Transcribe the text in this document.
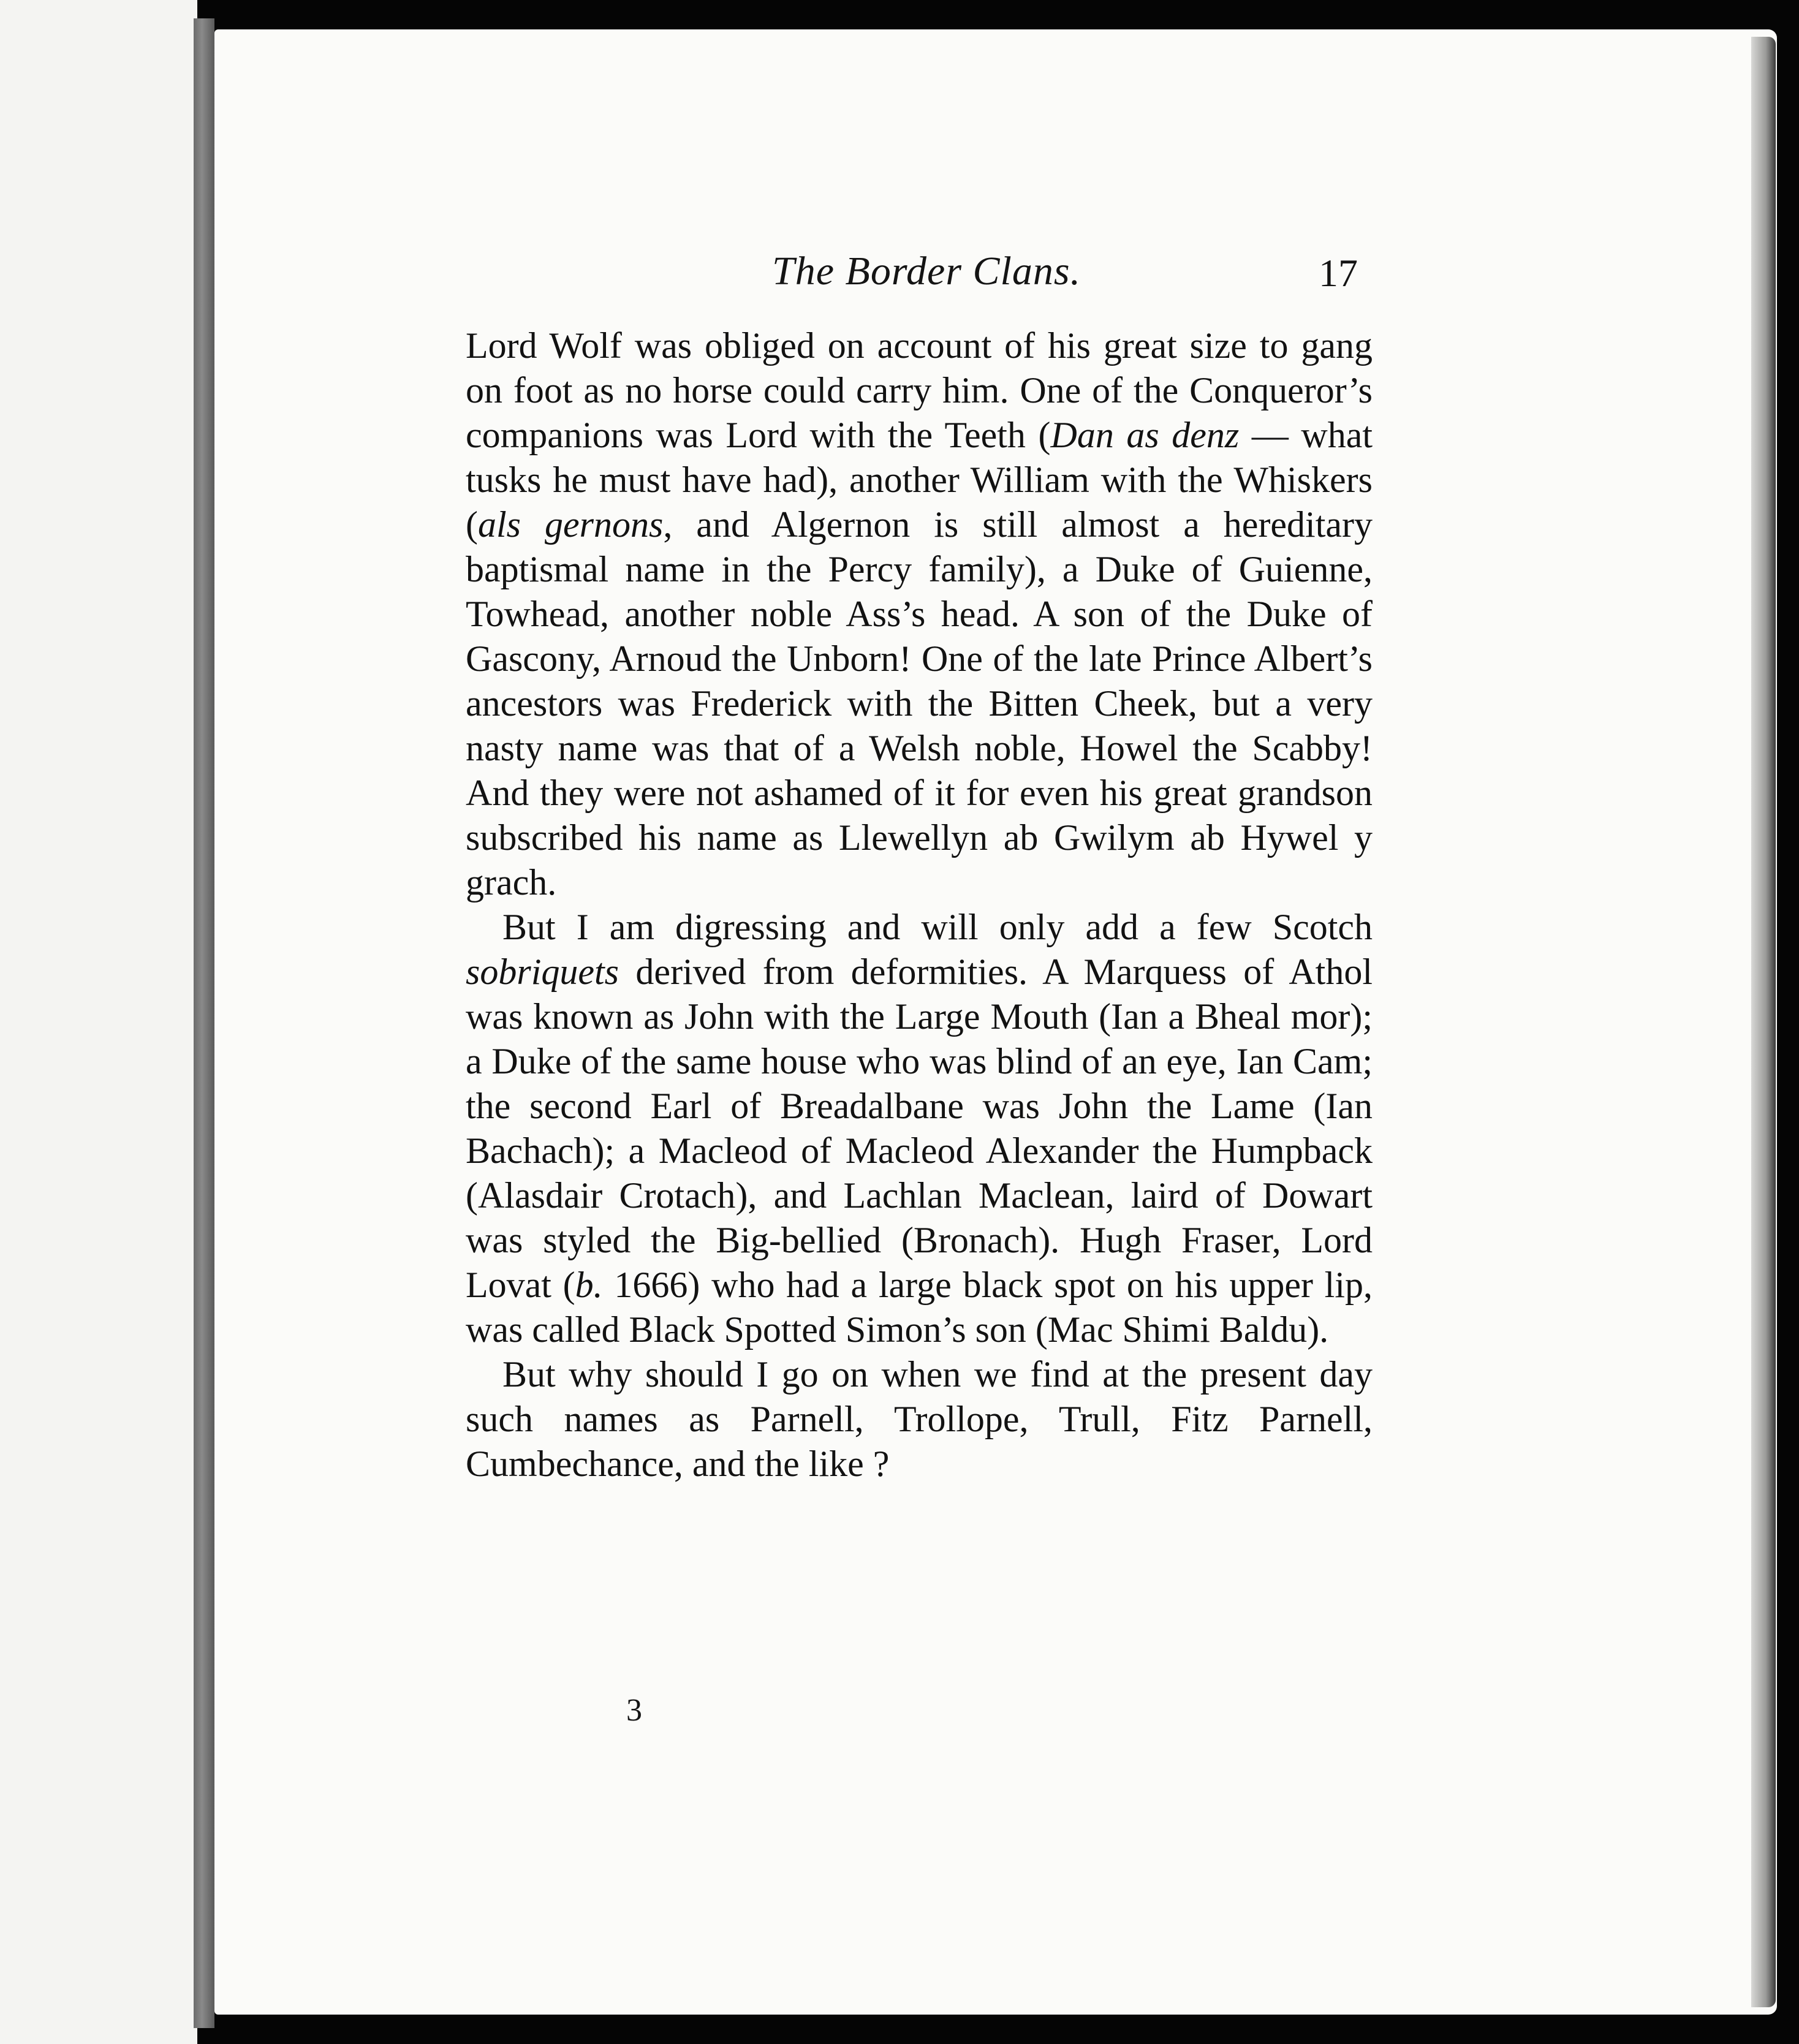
The Border Clans.	17

Lord Wolf was obliged on account of his great size to gang on foot as no horse could carry him. One of the Conqueror’s companions was Lord with the Teeth (Dan as denz — what tusks he must have had), another William with the Whiskers (als gernons, and Algernon is still almost a hereditary baptismal name in the Percy family), a Duke of Guienne, Towhead, another noble Ass’s head. A son of the Duke of Gascony, Arnoud the Unborn! One of the late Prince Albert’s ancestors was Frederick with the Bitten Cheek, but a very nasty name was that of a Welsh noble, Howel the Scabby! And they were not ashamed of it for even his great grandson subscribed his name as Llewellyn ab Gwilym ab Hywel y grach.

But I am digressing and will only add a few Scotch sobriquets derived from deformities. A Marquess of Athol was known as John with the Large Mouth (Ian a Bheal mor); a Duke of the same house who was blind of an eye, Ian Cam; the second Earl of Breadalbane was John the Lame (Ian Bachach); a Macleod of Macleod Alexander the Humpback (Alasdair Crotach), and Lachlan Maclean, laird of Dowart was styled the Big-bellied (Bronach). Hugh Fraser, Lord Lovat (b. 1666) who had a large black spot on his upper lip, was called Black Spotted Simon’s son (Mac Shimi Baldu).

But why should I go on when we find at the present day such names as Parnell, Trollope, Trull, Fitz Parnell, Cumbechance, and the like ?

3
